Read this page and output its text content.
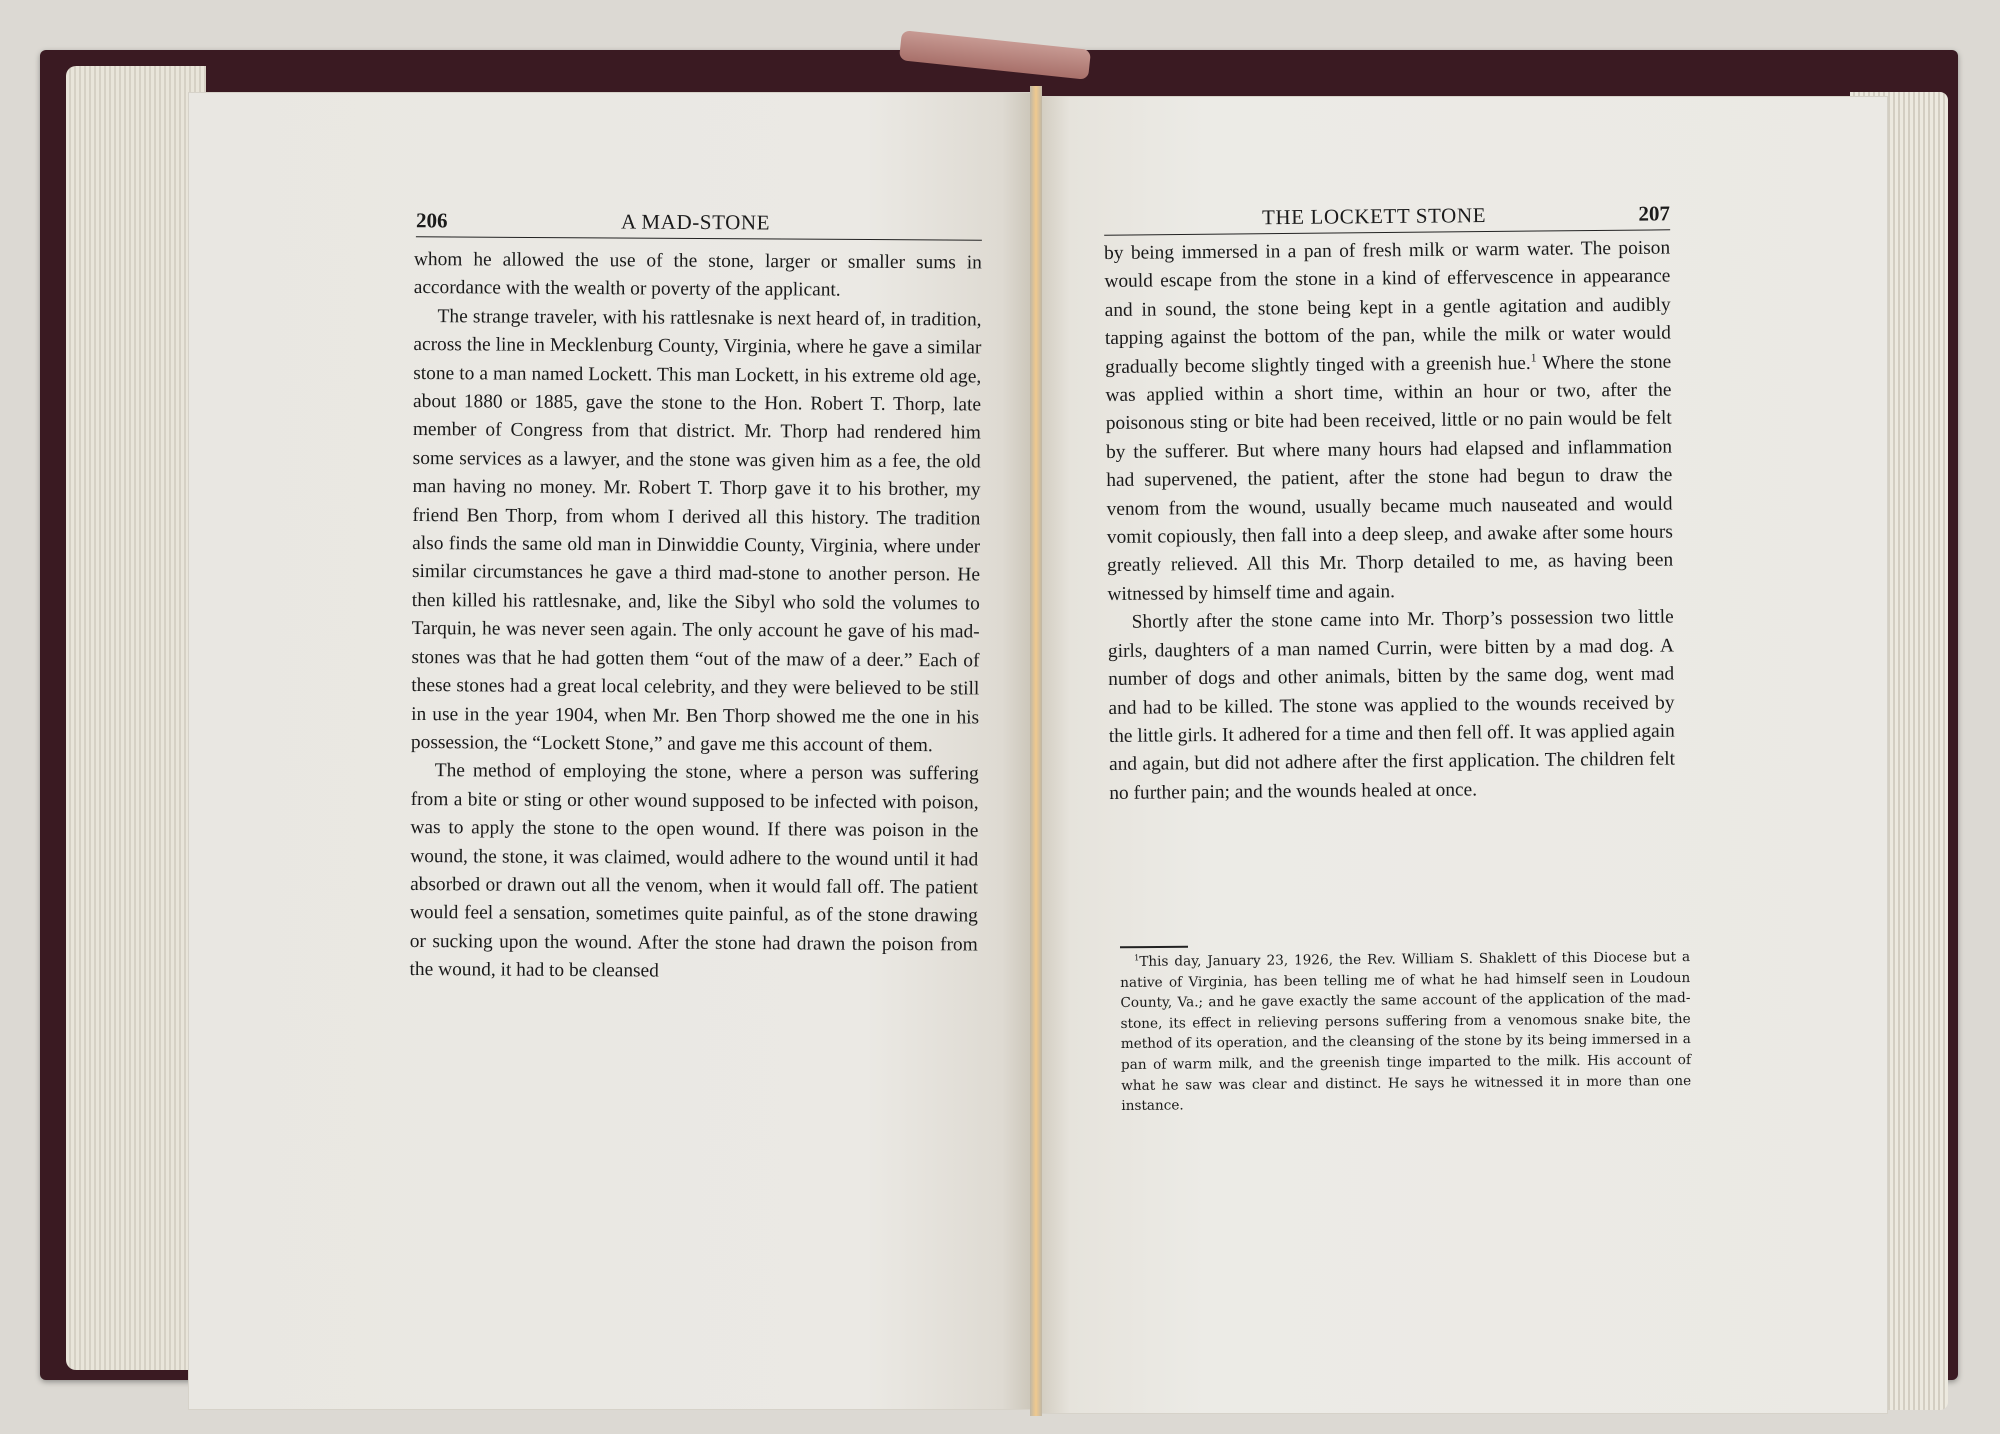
206	A MAD-STONE

whom he allowed the use of the stone, larger or smaller sums in accordance with the wealth or poverty of the applicant.

The strange traveler, with his rattlesnake is next heard of, in tradition, across the line in Mecklenburg County, Virginia, where he gave a similar stone to a man named Lockett. This man Lockett, in his extreme old age, about 1880 or 1885, gave the stone to the Hon. Robert T. Thorp, late member of Congress from that district. Mr. Thorp had rendered him some services as a lawyer, and the stone was given him as a fee, the old man having no money. Mr. Robert T. Thorp gave it to his brother, my friend Ben Thorp, from whom I derived all this history. The tradition also finds the same old man in Dinwiddie County, Virginia, where under similar circumstances he gave a third mad-stone to another person. He then killed his rattlesnake, and, like the Sibyl who sold the volumes to Tarquin, he was never seen again. The only account he gave of his mad-stones was that he had gotten them “out of the maw of a deer.” Each of these stones had a great local celebrity, and they were believed to be still in use in the year 1904, when Mr. Ben Thorp showed me the one in his possession, the “Lockett Stone,” and gave me this account of them.

The method of employing the stone, where a person was suffering from a bite or sting or other wound supposed to be infected with poison, was to apply the stone to the open wound. If there was poison in the wound, the stone, it was claimed, would adhere to the wound until it had absorbed or drawn out all the venom, when it would fall off. The patient would feel a sensation, sometimes quite painful, as of the stone drawing or sucking upon the wound. After the stone had drawn the poison from the wound, it had to be cleansed

THE LOCKETT STONE	207

by being immersed in a pan of fresh milk or warm water. The poison would escape from the stone in a kind of effervescence in appearance and in sound, the stone being kept in a gentle agitation and audibly tapping against the bottom of the pan, while the milk or water would gradually become slightly tinged with a greenish hue.$^1$ Where the stone was applied within a short time, within an hour or two, after the poisonous sting or bite had been received, little or no pain would be felt by the sufferer. But where many hours had elapsed and inflammation had supervened, the patient, after the stone had begun to draw the venom from the wound, usually became much nauseated and would vomit copiously, then fall into a deep sleep, and awake after some hours greatly relieved. All this Mr. Thorp detailed to me, as having been witnessed by himself time and again.

Shortly after the stone came into Mr. Thorp’s possession two little girls, daughters of a man named Currin, were bitten by a mad dog. A number of dogs and other animals, bitten by the same dog, went mad and had to be killed. The stone was applied to the wounds received by the little girls. It adhered for a time and then fell off. It was applied again and again, but did not adhere after the first application. The children felt no further pain; and the wounds healed at once.

$^1$This day, January 23, 1926, the Rev. William S. Shaklett of this Diocese but a native of Virginia, has been telling me of what he had himself seen in Loudoun County, Va.; and he gave exactly the same account of the application of the mad-stone, its effect in relieving persons suffering from a venomous snake bite, the method of its operation, and the cleansing of the stone by its being immersed in a pan of warm milk, and the greenish tinge imparted to the milk. His account of what he saw was clear and distinct. He says he witnessed it in more than one instance.
